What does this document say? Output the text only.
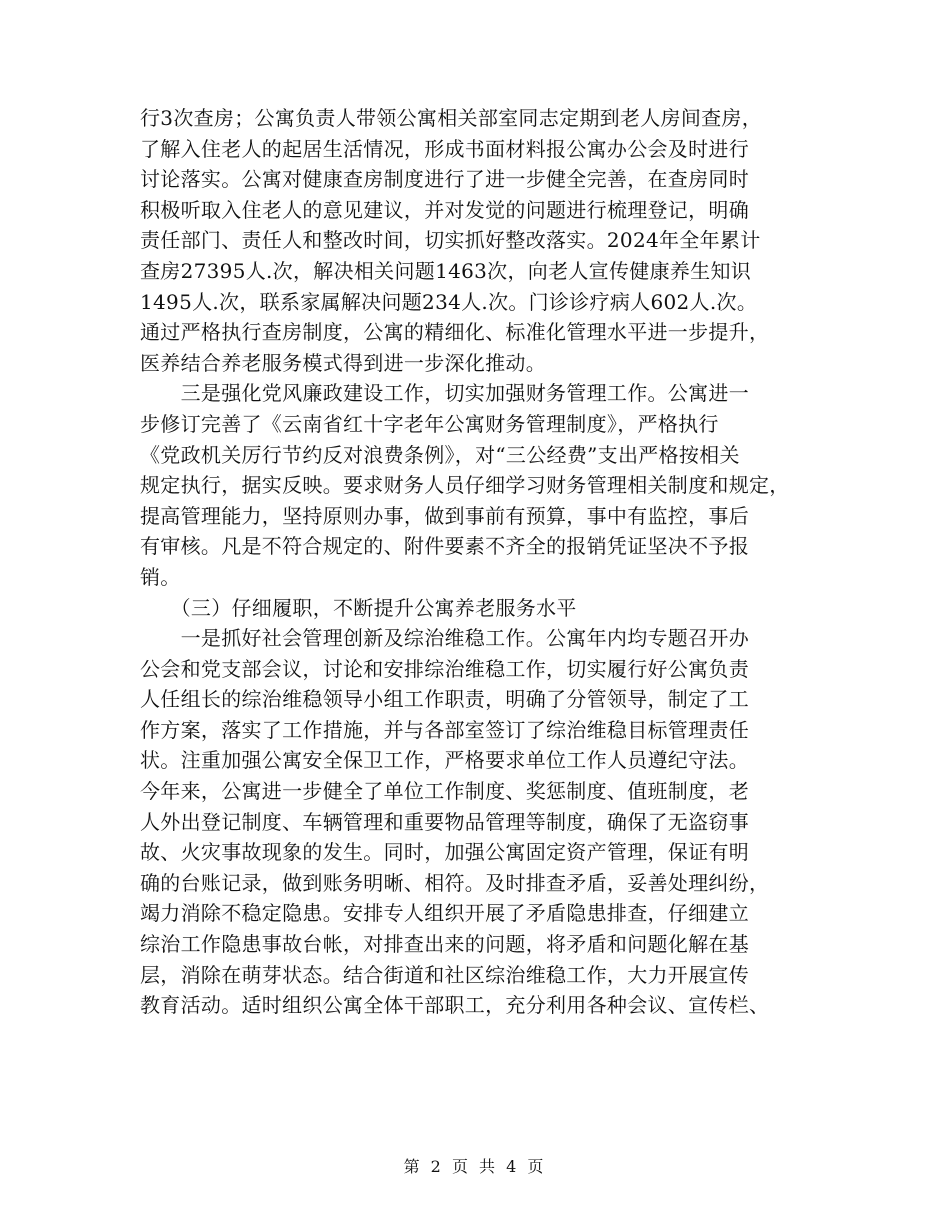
行3次查房；公寓负责人带领公寓相关部室同志定期到老人房间查房，
了解入住老人的起居生活情况，形成书面材料报公寓办公会及时进行
讨论落实。公寓对健康查房制度进行了进一步健全完善，在查房同时
积极听取入住老人的意见建议，并对发觉的问题进行梳理登记，明确
责任部门、责任人和整改时间，切实抓好整改落实。2024年全年累计
查房27395人.次，解决相关问题1463次，向老人宣传健康养生知识
1495人.次，联系家属解决问题234人.次。门诊诊疗病人602人.次。
通过严格执行查房制度，公寓的精细化、标准化管理水平进一步提升，
医养结合养老服务模式得到进一步深化推动。
　　三是强化党风廉政建设工作，切实加强财务管理工作。公寓进一
步修订完善了《云南省红十字老年公寓财务管理制度》，严格执行
《党政机关厉行节约反对浪费条例》，对“三公经费”支出严格按相关
规定执行，据实反映。要求财务人员仔细学习财务管理相关制度和规定，
提高管理能力，坚持原则办事，做到事前有预算，事中有监控，事后
有审核。凡是不符合规定的、附件要素不齐全的报销凭证坚决不予报
销。
　　（三）仔细履职，不断提升公寓养老服务水平
　　一是抓好社会管理创新及综治维稳工作。公寓年内均专题召开办
公会和党支部会议，讨论和安排综治维稳工作，切实履行好公寓负责
人任组长的综治维稳领导小组工作职责，明确了分管领导，制定了工
作方案，落实了工作措施，并与各部室签订了综治维稳目标管理责任
状。注重加强公寓安全保卫工作，严格要求单位工作人员遵纪守法。
今年来，公寓进一步健全了单位工作制度、奖惩制度、值班制度，老
人外出登记制度、车辆管理和重要物品管理等制度，确保了无盗窃事
故、火灾事故现象的发生。同时，加强公寓固定资产管理，保证有明
确的台账记录，做到账务明晰、相符。及时排查矛盾，妥善处理纠纷，
竭力消除不稳定隐患。安排专人组织开展了矛盾隐患排查，仔细建立
综治工作隐患事故台帐，对排查出来的问题，将矛盾和问题化解在基
层，消除在萌芽状态。结合街道和社区综治维稳工作，大力开展宣传
教育活动。适时组织公寓全体干部职工，充分利用各种会议、宣传栏、
第 2 页 共 4 页
